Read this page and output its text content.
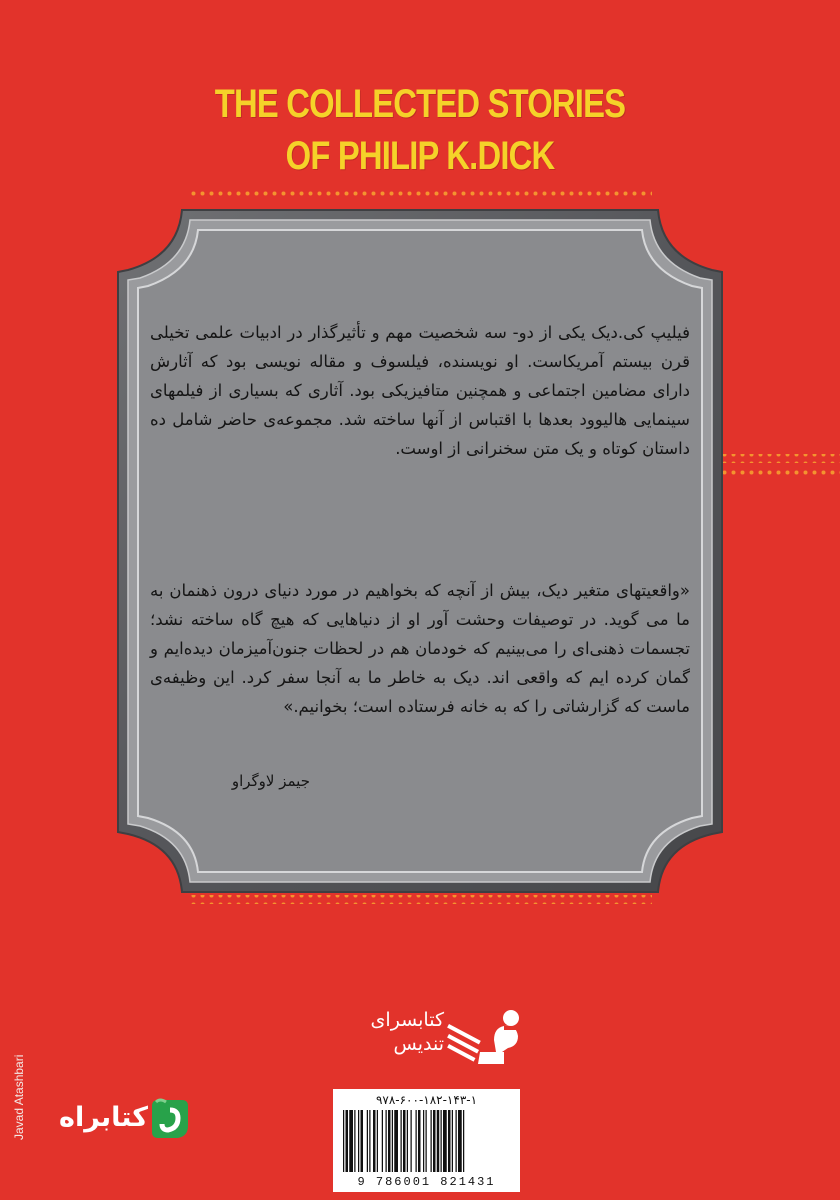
THE COLLECTED STORIES
OF PHILIP K.DICK
فیلیپ کی.دیک یکی از دو- سه شخصیت مهم و تأثیرگذار در ادبیات علمی تخیلی قرن بیستم آمریکاست. او نویسنده، فیلسوف و مقاله نویسی بود که آثارش دارای مضامین اجتماعی و همچنین متافیزیکی بود. آثاری که بسیاری از فیلمهای سینمایی هالیوود بعدها با اقتباس از آنها ساخته شد. مجموعه‌ی حاضر شامل ده داستان کوتاه و یک متن سخنرانی از اوست.
«واقعیتهای متغیر دیک، بیش از آنچه که بخواهیم در مورد دنیای درون ذهنمان به ما می گوید. در توصیفات وحشت آور او از دنیاهایی که هیچ گاه ساخته نشد؛ تجسمات ذهنی‌ای را می‌بینیم که خودمان هم در لحظات جنون‌آمیزمان دیده‌ایم و گمان کرده ایم که واقعی اند. دیک به خاطر ما به آنجا سفر کرد. این وظیفه‌ی ماست که گزارشاتی را که به خانه فرستاده است؛ بخوانیم.»
جیمز لاوگراو
Javad Atashbari	کتابراه
کتابسرای
تندیس
۹۷۸-۶۰۰-۱۸۲-۱۴۳-۱
9 786001 821431
